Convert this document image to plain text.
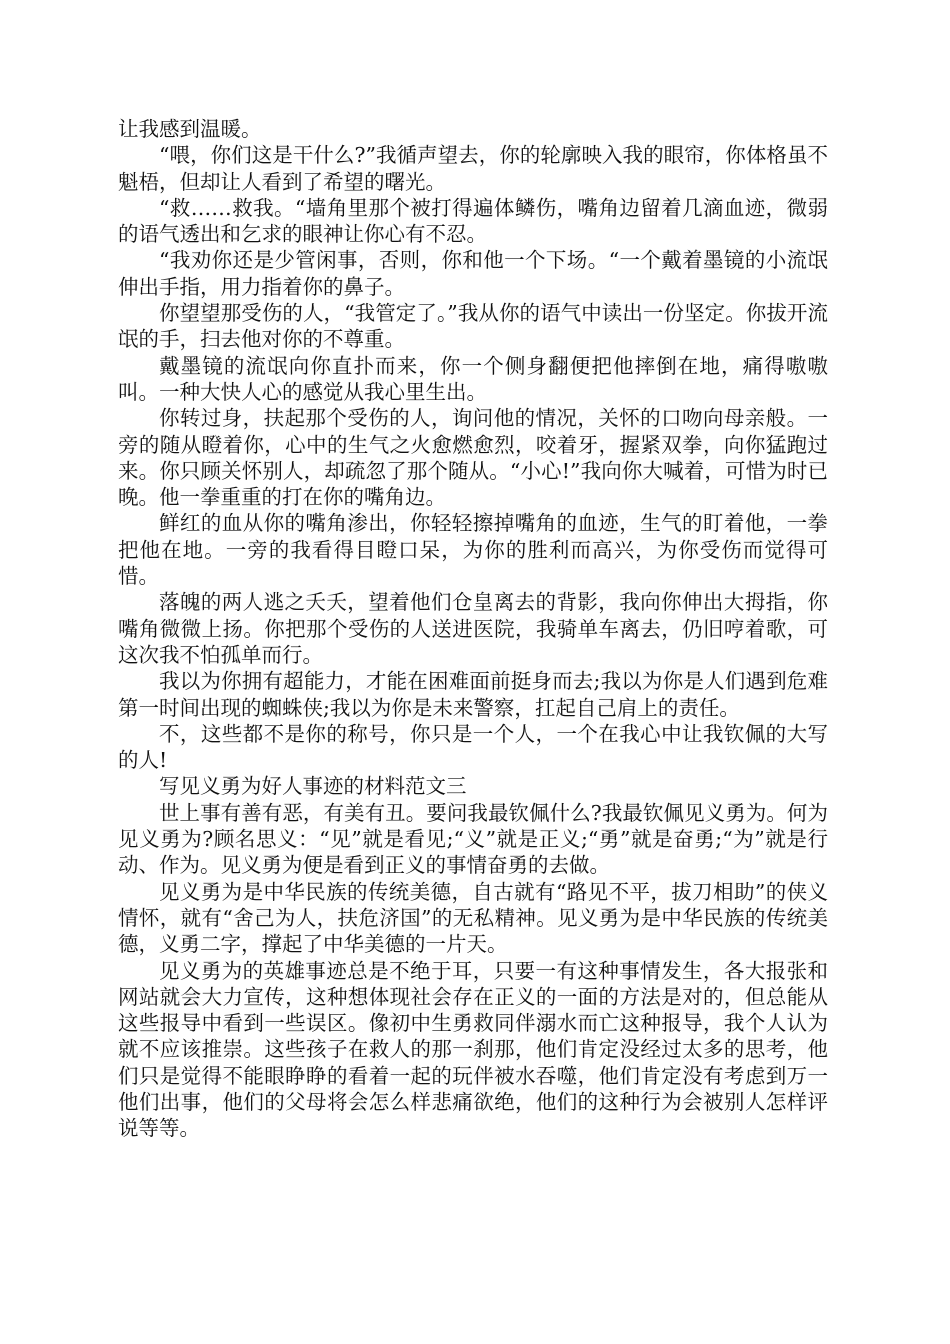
让我感到温暖。

“喂，你们这是干什么?”我循声望去，你的轮廓映入我的眼帘，你体格虽不魁梧，但却让人看到了希望的曙光。

“救……救我。“墙角里那个被打得遍体鳞伤，嘴角边留着几滴血迹，微弱的语气透出和乞求的眼神让你心有不忍。

“我劝你还是少管闲事，否则，你和他一个下场。“一个戴着墨镜的小流氓伸出手指，用力指着你的鼻子。

你望望那受伤的人，“我管定了。”我从你的语气中读出一份坚定。你拔开流氓的手，扫去他对你的不尊重。

戴墨镜的流氓向你直扑而来，你一个侧身翻便把他摔倒在地，痛得嗷嗷叫。一种大快人心的感觉从我心里生出。

你转过身，扶起那个受伤的人，询问他的情况，关怀的口吻向母亲般。一旁的随从瞪着你，心中的生气之火愈燃愈烈，咬着牙，握紧双拳，向你猛跑过来。你只顾关怀别人，却疏忽了那个随从。“小心!”我向你大喊着，可惜为时已晚。他一拳重重的打在你的嘴角边。

鲜红的血从你的嘴角渗出，你轻轻擦掉嘴角的血迹，生气的盯着他，一拳把他在地。一旁的我看得目瞪口呆，为你的胜利而高兴，为你受伤而觉得可惜。

落魄的两人逃之夭夭，望着他们仓皇离去的背影，我向你伸出大拇指，你嘴角微微上扬。你把那个受伤的人送进医院，我骑单车离去，仍旧哼着歌，可这次我不怕孤单而行。

我以为你拥有超能力，才能在困难面前挺身而去;我以为你是人们遇到危难第一时间出现的蜘蛛侠;我以为你是未来警察，扛起自己肩上的责任。

不，这些都不是你的称号，你只是一个人，一个在我心中让我钦佩的大写的人!

写见义勇为好人事迹的材料范文三

世上事有善有恶，有美有丑。要问我最钦佩什么?我最钦佩见义勇为。何为见义勇为?顾名思义：“见”就是看见;“义”就是正义;“勇”就是奋勇;“为”就是行动、作为。见义勇为便是看到正义的事情奋勇的去做。

见义勇为是中华民族的传统美德，自古就有“路见不平，拔刀相助”的侠义情怀，就有“舍己为人，扶危济国”的无私精神。见义勇为是中华民族的传统美德，义勇二字，撑起了中华美德的一片天。

见义勇为的英雄事迹总是不绝于耳，只要一有这种事情发生，各大报张和网站就会大力宣传，这种想体现社会存在正义的一面的方法是对的，但总能从这些报导中看到一些误区。像初中生勇救同伴溺水而亡这种报导，我个人认为就不应该推崇。这些孩子在救人的那一刹那，他们肯定没经过太多的思考，他们只是觉得不能眼睁睁的看着一起的玩伴被水吞噬，他们肯定没有考虑到万一他们出事，他们的父母将会怎么样悲痛欲绝，他们的这种行为会被别人怎样评说等等。
